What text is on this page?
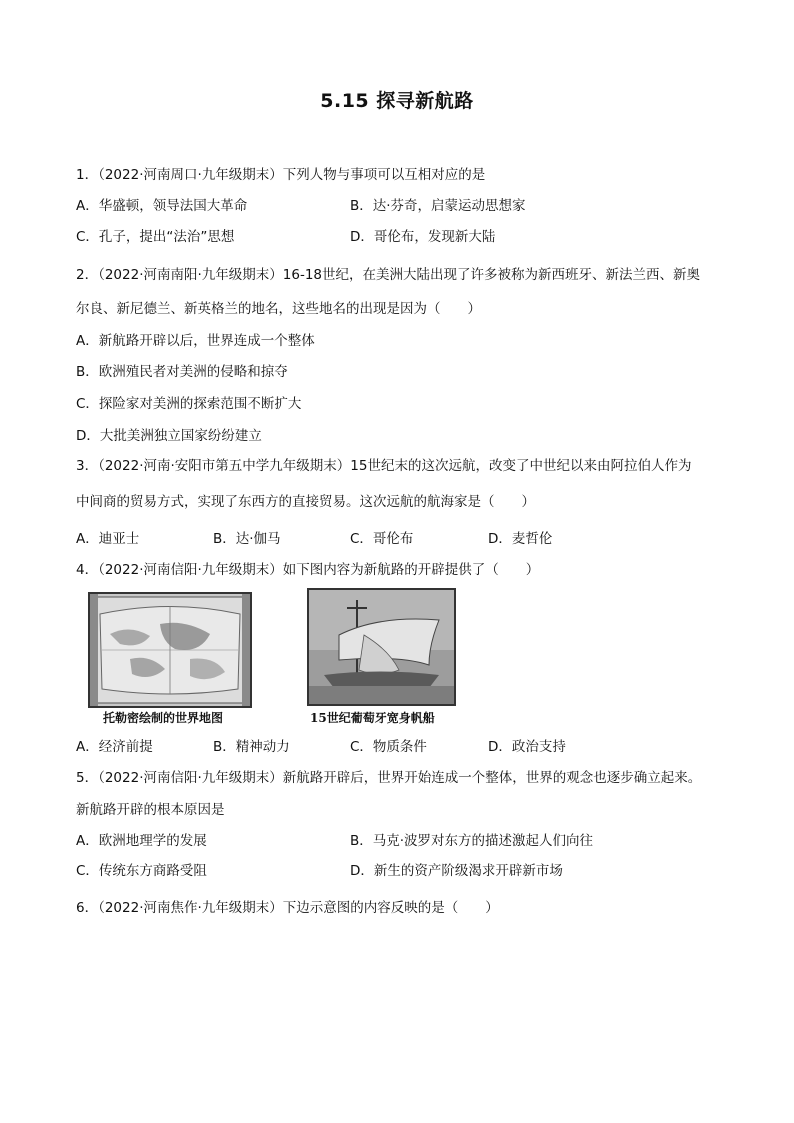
5.15 探寻新航路
1．（2022·河南周口·九年级期末）下列人物与事项可以互相对应的是
A．华盛顿，领导法国大革命	B．达·芬奇，启蒙运动思想家
C．孔子，提出“法治”思想	D．哥伦布，发现新大陆
2．（2022·河南南阳·九年级期末）16-18世纪，在美洲大陆出现了许多被称为新西班牙、新法兰西、新奥
尔良、新尼德兰、新英格兰的地名，这些地名的出现是因为（　　）
A．新航路开辟以后，世界连成一个整体
B．欧洲殖民者对美洲的侵略和掠夺
C．探险家对美洲的探索范围不断扩大
D．大批美洲独立国家纷纷建立
3．（2022·河南·安阳市第五中学九年级期末）15世纪末的这次远航，改变了中世纪以来由阿拉伯人作为
中间商的贸易方式，实现了东西方的直接贸易。这次远航的航海家是（　　）
A．迪亚士	B．达·伽马	C．哥伦布	D．麦哲伦
4．（2022·河南信阳·九年级期末）如下图内容为新航路的开辟提供了（　　）
托勒密绘制的世界地图	15世纪葡萄牙宽身帆船
A．经济前提	B．精神动力	C．物质条件	D．政治支持
5．（2022·河南信阳·九年级期末）新航路开辟后，世界开始连成一个整体，世界的观念也逐步确立起来。
新航路开辟的根本原因是
A．欧洲地理学的发展	B．马克·波罗对东方的描述激起人们向往
C．传统东方商路受阻	D．新生的资产阶级渴求开辟新市场
6．（2022·河南焦作·九年级期末）下边示意图的内容反映的是（　　）
